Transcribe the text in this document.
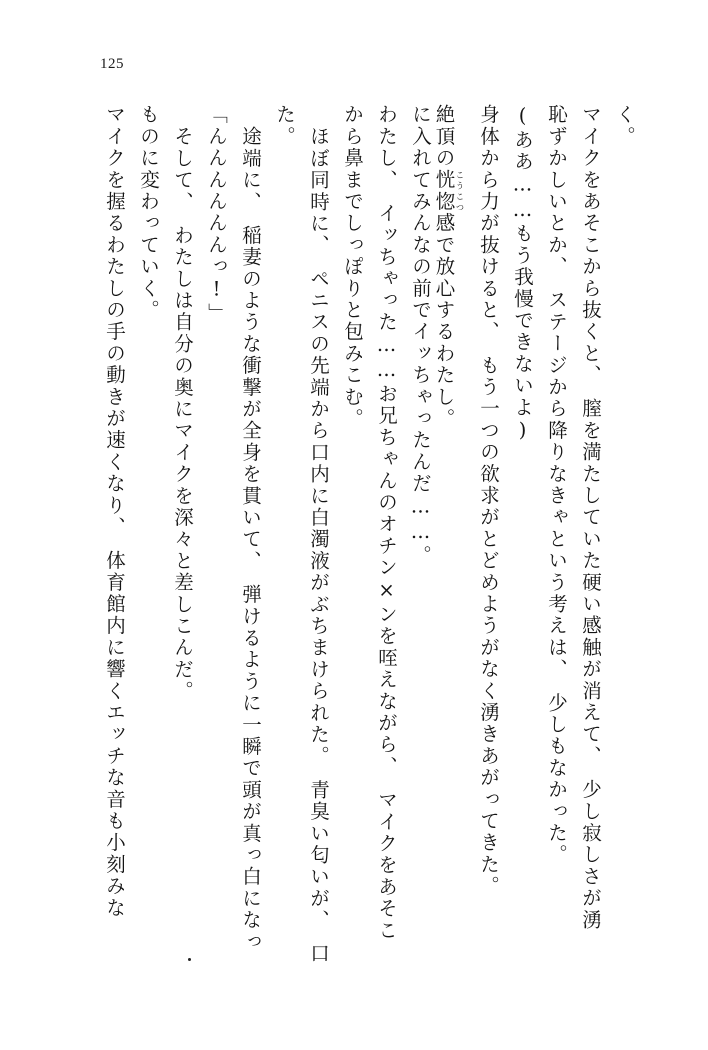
125
マイクを握るわたしの手の動きが速くなり、　体育館内に響くエッチな音も小刻みな ものに変わっていく。 そして、　わたしは自分の奥にマイクを深々と差しこんだ。 「んんんんんんっ!」 途端に、　稲妻のような衝撃が全身を貫いて、　弾けるように一瞬で頭が真っ白になっ
た。
ほぼ同時に、　ペニスの先端から口内に白濁液がぶちまけられた。　青臭い匂いが、　口 から鼻までしっぽりと包みこむ。 わたし、　イッちゃった……お兄ちゃんのオチン×ンを咥えながら、　マイクをあそこ に入れてみんなの前でイッちゃったんだ……。 絶頂の恍惚こうこつ感で放心するわたし。	身体から力が抜けると、　もう一つの欲求がとどめようがなく湧きあがってきた。 (ああ……もう我慢できないよ) 恥ずかしいとか、　ステージから降りなきゃという考えは、　少しもなかった。 マイクをあそこから抜くと、　膣を満たしていた硬い感触が消えて、　少し寂しさが湧 く。
